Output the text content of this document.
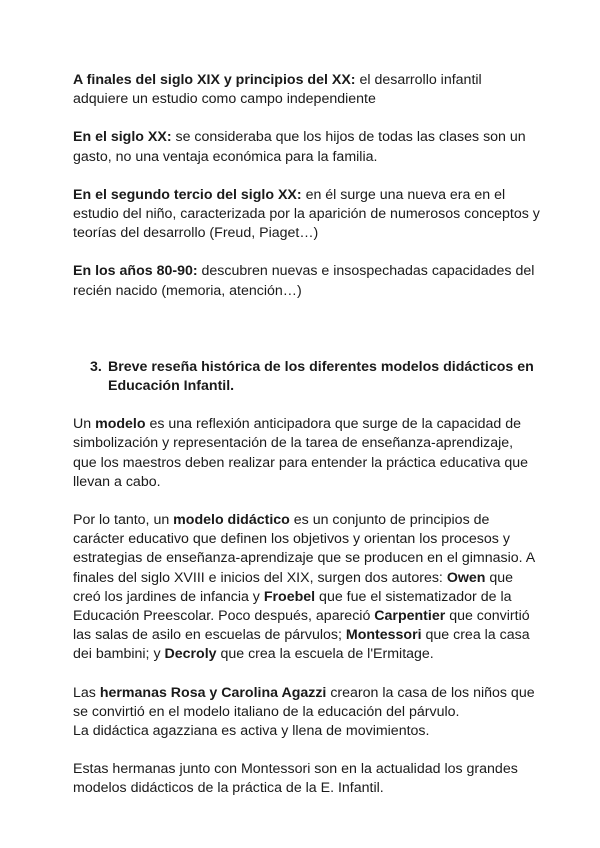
A finales del siglo XIX y principios del XX: el desarrollo infantil adquiere un estudio como campo independiente

En el siglo XX: se consideraba que los hijos de todas las clases son un gasto, no una ventaja económica para la familia.

En el segundo tercio del siglo XX: en él surge una nueva era en el estudio del niño, caracterizada por la aparición de numerosos conceptos y teorías del desarrollo (Freud, Piaget…)

En los años 80-90: descubren nuevas e insospechadas capacidades del recién nacido (memoria, atención…)

3. Breve reseña histórica de los diferentes modelos didácticos en Educación Infantil.

Un modelo es una reflexión anticipadora que surge de la capacidad de simbolización y representación de la tarea de enseñanza-aprendizaje, que los maestros deben realizar para entender la práctica educativa que llevan a cabo.

Por lo tanto, un modelo didáctico es un conjunto de principios de carácter educativo que definen los objetivos y orientan los procesos y estrategias de enseñanza-aprendizaje que se producen en el gimnasio. A finales del siglo XVIII e inicios del XIX, surgen dos autores: Owen que creó los jardines de infancia y Froebel que fue el sistematizador de la Educación Preescolar. Poco después, apareció Carpentier que convirtió las salas de asilo en escuelas de párvulos; Montessori que crea la casa dei bambini; y Decroly que crea la escuela de l'Ermitage.

Las hermanas Rosa y Carolina Agazzi crearon la casa de los niños que se convirtió en el modelo italiano de la educación del párvulo.
La didáctica agazziana es activa y llena de movimientos.

Estas hermanas junto con Montessori son en la actualidad los grandes modelos didácticos de la práctica de la E. Infantil.
